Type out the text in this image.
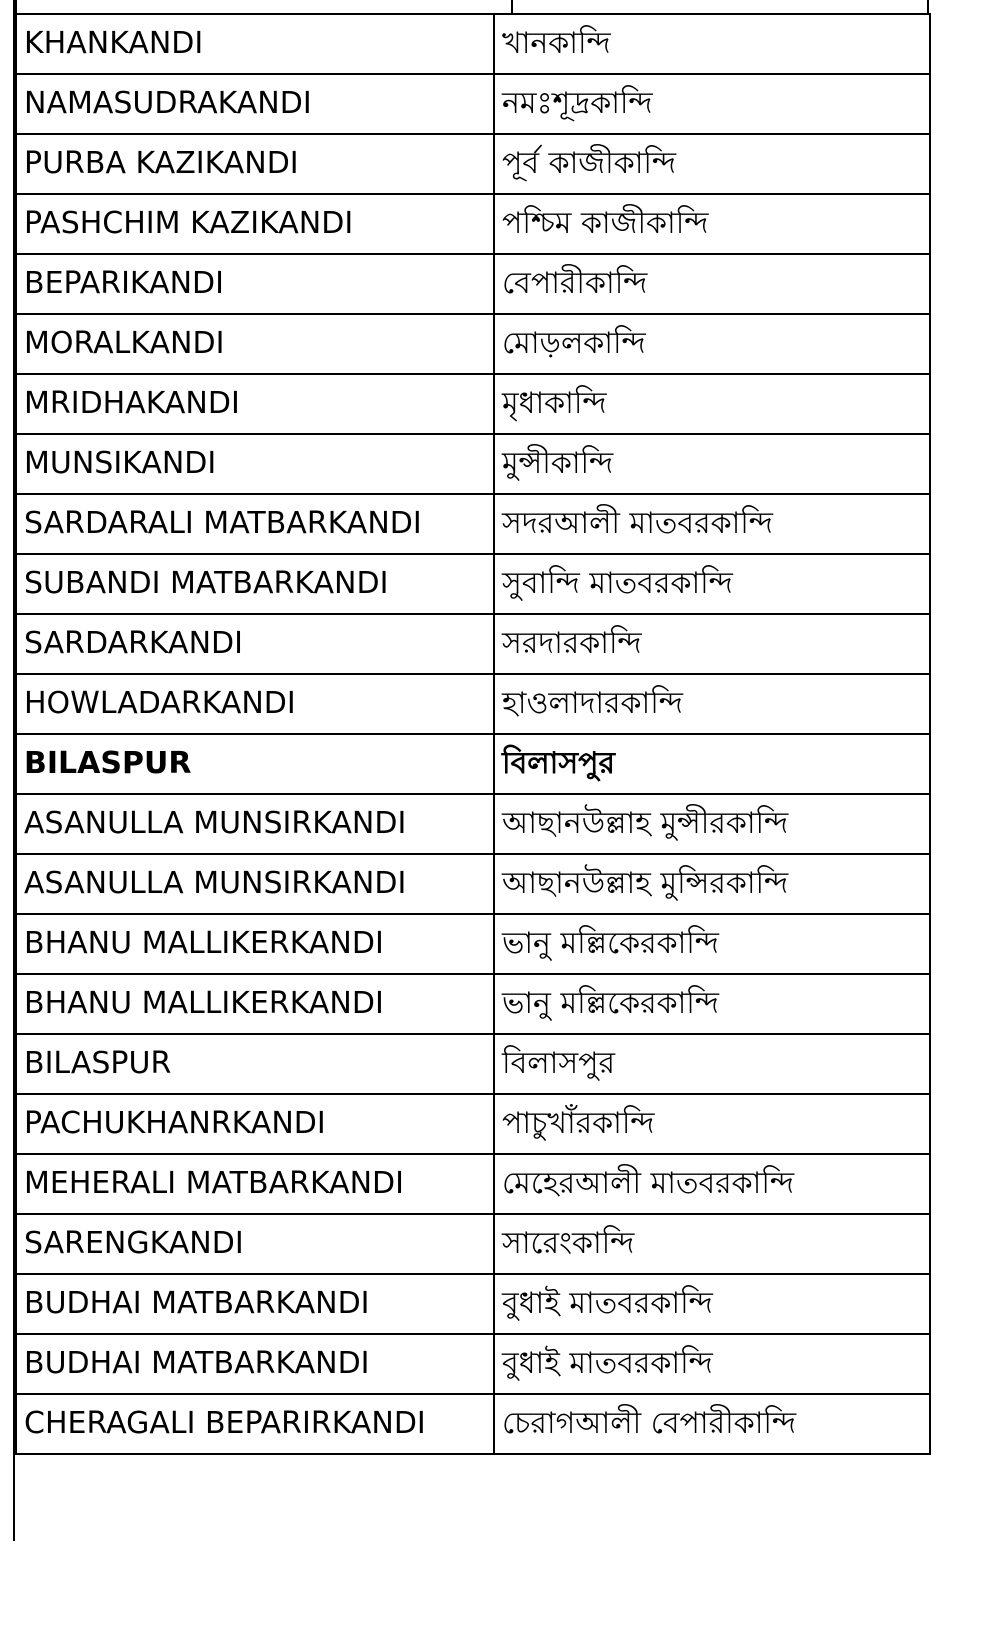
KHANKANDI	খানকান্দি
NAMASUDRAKANDI	নমঃশূদ্রকান্দি
PURBA KAZIKANDI	পূর্ব কাজীকান্দি
PASHCHIM KAZIKANDI	পশ্চিম কাজীকান্দি
BEPARIKANDI	বেপারীকান্দি
MORALKANDI	মোড়লকান্দি
MRIDHAKANDI	মৃধাকান্দি
MUNSIKANDI	মুন্সীকান্দি
SARDARALI MATBARKANDI	সদরআলী মাতবরকান্দি
SUBANDI MATBARKANDI	সুবান্দি মাতবরকান্দি
SARDARKANDI	সরদারকান্দি
HOWLADARKANDI	হাওলাদারকান্দি
BILASPUR	বিলাসপুর
ASANULLA MUNSIRKANDI	আছানউল্লাহ মুন্সীরকান্দি
ASANULLA MUNSIRKANDI	আছানউল্লাহ মুন্সিরকান্দি
BHANU MALLIKERKANDI	ভানু মল্লিকেরকান্দি
BHANU MALLIKERKANDI	ভানু মল্লিকেরকান্দি
BILASPUR	বিলাসপুর
PACHUKHANRKANDI	পাচুখাঁরকান্দি
MEHERALI MATBARKANDI	মেহেরআলী মাতবরকান্দি
SARENGKANDI	সারেংকান্দি
BUDHAI MATBARKANDI	বুধাই মাতবরকান্দি
BUDHAI MATBARKANDI	বুধাই মাতবরকান্দি
CHERAGALI BEPARIRKANDI	চেরাগআলী বেপারীকান্দি
